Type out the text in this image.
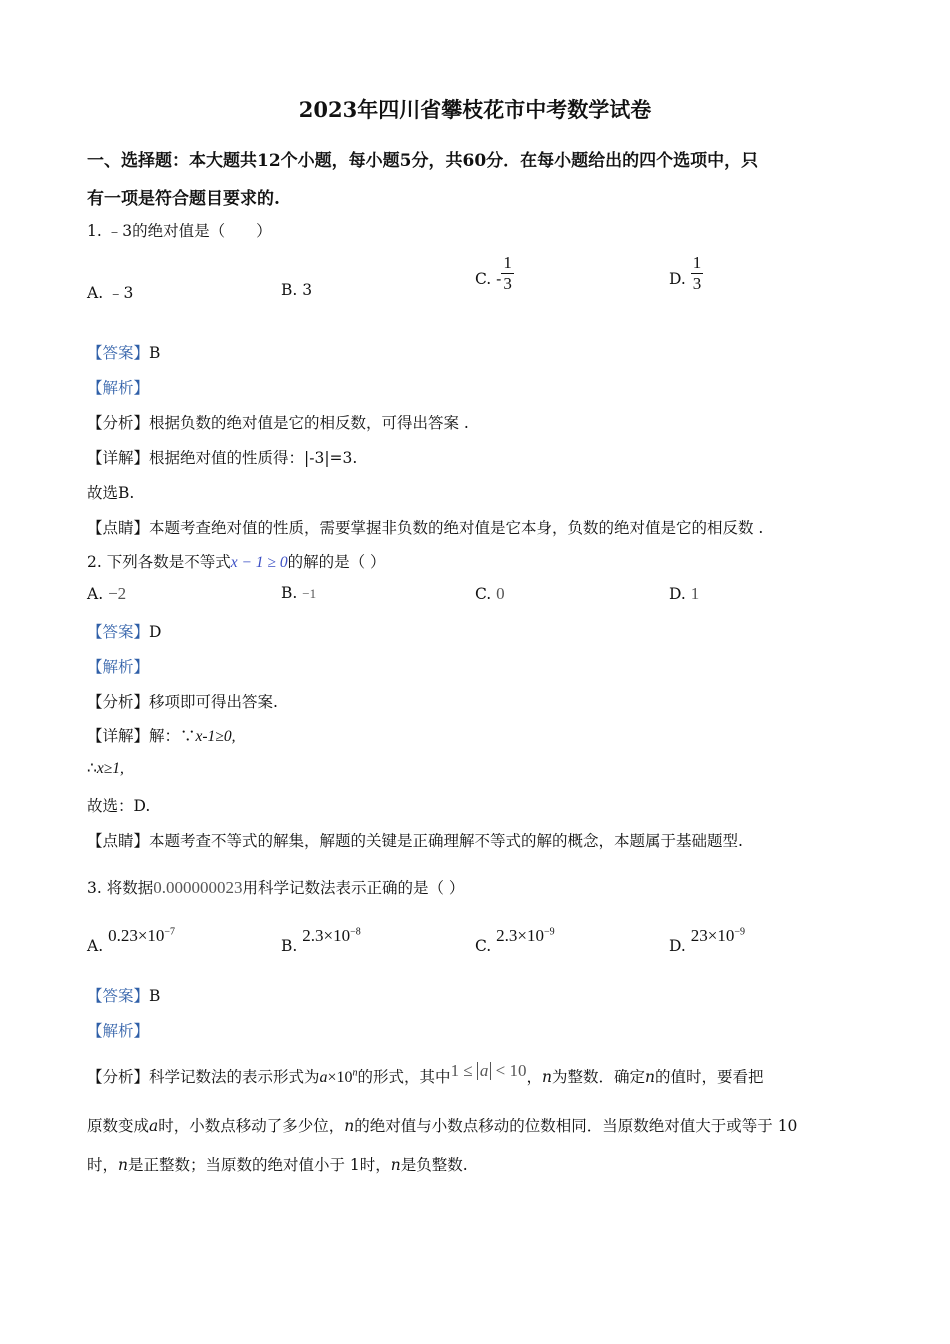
2023年四川省攀枝花市中考数学试卷
一、选择题：本大题共12个小题，每小题5分，共60分．在每小题给出的四个选项中，只
有一项是符合题目要求的.
1. ﹣3的绝对值是（　　）
A. ﹣3	B. 3
C. - $\frac{1}{3}$	D. $\frac{1}{3}$
【答案】B
【解析】
【分析】根据负数的绝对值是它的相反数，可得出答案 .
【详解】根据绝对值的性质得：|-3|=3.
故选B.
【点睛】本题考查绝对值的性质，需要掌握非负数的绝对值是它本身，负数的绝对值是它的相反数 .
2. 下列各数是不等式x − 1 ≥ 0的解的是（ ）
A. −2	B. −1	C. 0	D. 1
【答案】D
【解析】
【分析】移项即可得出答案.
【详解】解：∵x-1≥0,
∴x≥1,
故选：D.
【点睛】本题考查不等式的解集，解题的关键是正确理解不等式的解的概念，本题属于基础题型.
3. 将数据0.000000023用科学记数法表示正确的是（ ）
A. $0.23\times 10^{-7}$
B. $2.3\times 10^{-8}$
C. $2.3\times 10^{-9}$
D. $23\times 10^{-9}$
【答案】B
【解析】
【分析】科学记数法的表示形式为$a\times 10^n$的形式，其中1 ≤ a < 10，n为整数．确定n的值时，要看把
原数变成a时，小数点移动了多少位，n的绝对值与小数点移动的位数相同．当原数绝对值大于或等于 10
时，n是正整数；当原数的绝对值小于 1时，n是负整数.
